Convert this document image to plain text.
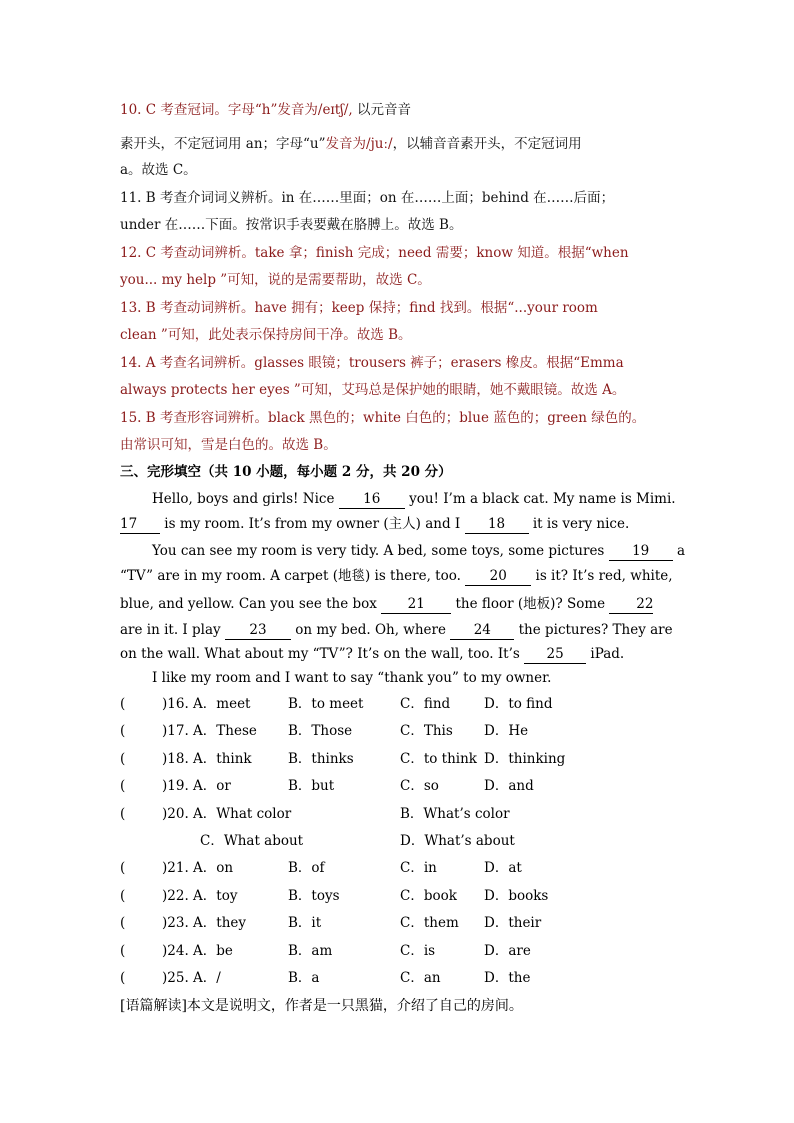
10. C 考查冠词。字母“h”发音为/eɪtʃ/, 以元音音
素开头，不定冠词用 an；字母“u”发音为/juː/，以辅音音素开头，不定冠词用
a。故选 C。
11. B 考查介词词义辨析。in 在……里面；on 在……上面；behind 在……后面；
under 在……下面。按常识手表要戴在胳膊上。故选 B。
12. C 考查动词辨析。take 拿；finish 完成；need 需要；know 知道。根据“when
you... my help ”可知，说的是需要帮助，故选 C。
13. B 考查动词辨析。have 拥有；keep 保持；find 找到。根据“...your room
clean ”可知，此处表示保持房间干净。故选 B。
14. A 考查名词辨析。glasses 眼镜；trousers 裤子；erasers 橡皮。根据“Emma
always protects her eyes ”可知，艾玛总是保护她的眼睛，她不戴眼镜。故选 A。
15. B 考查形容词辨析。black 黑色的；white 白色的；blue 蓝色的；green 绿色的。
由常识可知，雪是白色的。故选 B。
三、完形填空（共 10 小题，每小题 2 分，共 20 分）
Hello, boys and girls! Nice 16 you! I’m a black cat. My name is Mimi.
17 is my room. It’s from my owner (主人) and I 18 it is very nice.
You can see my room is very tidy. A bed, some toys, some pictures 19 a
“TV” are in my room. A carpet (地毯) is there, too. 20 is it? It’s red, white,
blue, and yellow. Can you see the box 21 the floor (地板)? Some 22
are in it. I play 23 on my bed. Oh, where 24 the pictures? They are
on the wall. What about my “TV”? It’s on the wall, too. It’s 25 iPad.
I like my room and I want to say “thank you” to my owner.
(	)16. A．meet	B．to meet	C．find	D．to find
(	)17. A．These B．Those	C．This D．He
(	)18. A．think	B．thinks	C．to think D．thinking
(	)19. A．or	B．but	C．so	D．and
(	)20. A．What color	B．What’s color
C．What about	D．What’s about
(	)21. A．on	B．of	C．in	D．at
(	)22. A．toy	B．toys	C．book D．books
(	)23. A．they	B．it	C．them D．their
(	)24. A．be	B．am	C．is	D．are
(	)25. A．/	B．a	C．an	D．the
[语篇解读]本文是说明文，作者是一只黑猫，介绍了自己的房间。
